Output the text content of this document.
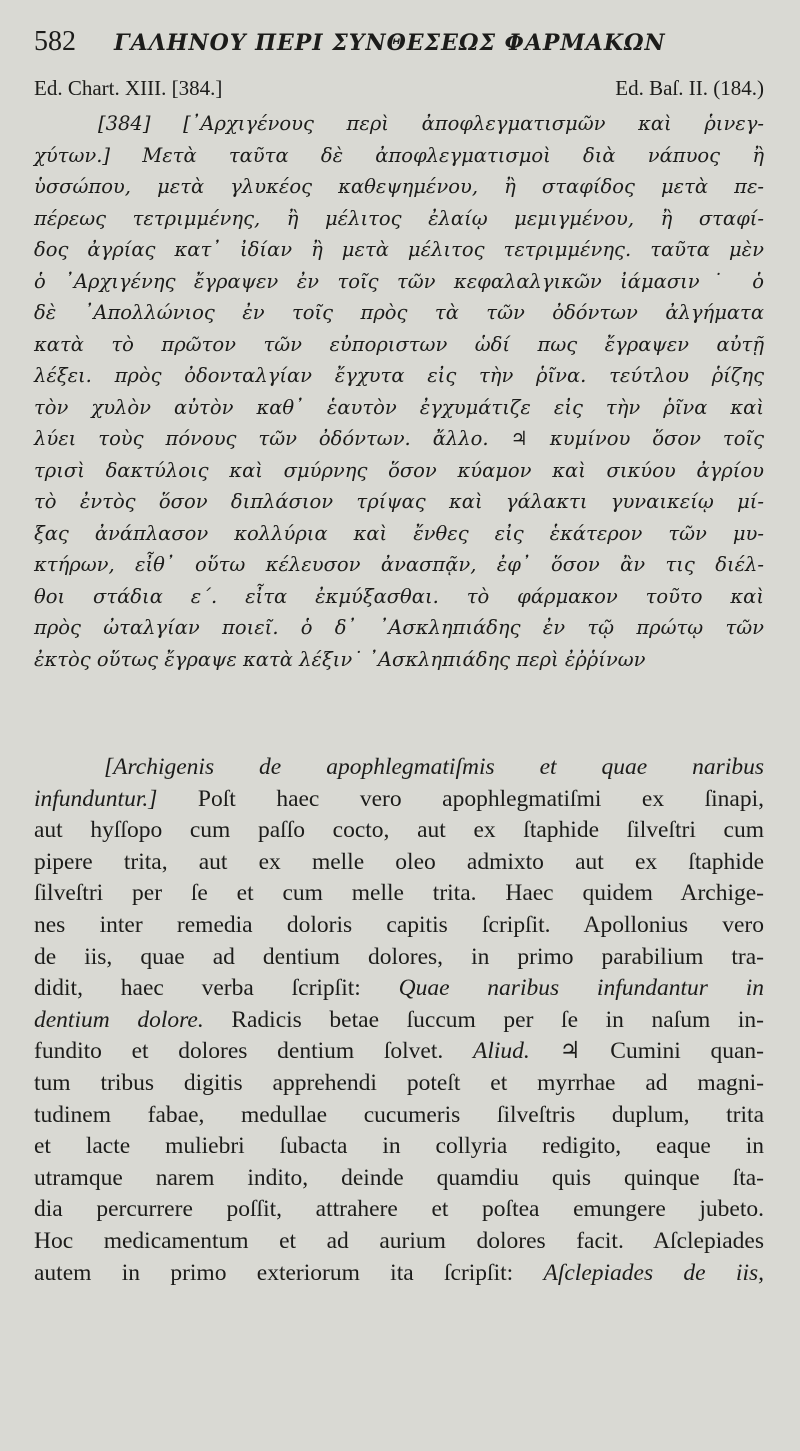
582	ΓΑΛΗΝΟΥ ΠΕΡΙ ΣΥΝΘΕΣΕΩΣ ΦΑΡΜΑΚΩΝ
Ed. Chart. XIII. [384.]	Ed. Baſ. II. (184.)
[384] [᾿Αρχιγένους περὶ ἀποφλεγματισμῶν καὶ ῥινεγ-
χύτων.] Μετὰ ταῦτα δὲ ἀποφλεγματισμοὶ διὰ νάπυος ἢ
ὑσσώπου, μετὰ γλυκέος καθεψημένου, ἢ σταφίδος μετὰ πε-
πέρεως τετριμμένης, ἢ μέλιτος ἐλαίῳ μεμιγμένου, ἢ σταφί-
δος ἀγρίας κατ᾿ ἰδίαν ἢ μετὰ μέλιτος τετριμμένης. ταῦτα μὲν
ὁ ᾿Αρχιγένης ἔγραψεν ἐν τοῖς τῶν κεφαλαλγικῶν ἰάμασιν˙ ὁ
δὲ ᾿Απολλώνιος ἐν τοῖς πρὸς τὰ τῶν ὀδόντων ἀλγήματα
κατὰ τὸ πρῶτον τῶν εὐποριστων ὡδί πως ἔγραψεν αὐτῇ
λέξει. πρὸς ὀδονταλγίαν ἔγχυτα εἰς τὴν ῥῖνα. τεύτλου ῥίζης
τὸν χυλὸν αὐτὸν καθ᾿ ἑαυτὸν ἐγχυμάτιζε εἰς τὴν ῥῖνα καὶ
λύει τοὺς πόνους τῶν ὀδόντων. ἄλλο. ♃ κυμίνου ὅσον τοῖς
τρισὶ δακτύλοις καὶ σμύρνης ὅσον κύαμον καὶ σικύου ἀγρίου
τὸ ἐντὸς ὅσον διπλάσιον τρίψας καὶ γάλακτι γυναικείῳ μί-
ξας ἀνάπλασον κολλύρια καὶ ἔνθες εἰς ἑκάτερον τῶν μυ-
κτήρων, εἶθ᾿ οὕτω κέλευσον ἀνασπᾷν, ἐφ᾿ ὅσον ἂν τις διέλ-
θοι στάδια ε΄. εἶτα ἐκμύξασθαι. τὸ φάρμακον τοῦτο καὶ
πρὸς ὠταλγίαν ποιεῖ. ὁ δ᾿ ᾿Ασκληπιάδης ἐν τῷ πρώτῳ τῶν
ἐκτὸς οὕτως ἔγραψε κατὰ λέξιν˙ ᾿Ασκληπιάδης περὶ ἐῤῥίνων
[Archigenis de apophlegmatiſmis et quae naribus
infunduntur.] Poſt haec vero apophlegmatiſmi ex ſinapi,
aut hyſſopo cum paſſo cocto, aut ex ſtaphide ſilveſtri cum
pipere trita, aut ex melle oleo admixto aut ex ſtaphide
ſilveſtri per ſe et cum melle trita. Haec quidem Archige-
nes inter remedia doloris capitis ſcripſit. Apollonius vero
de iis, quae ad dentium dolores, in primo parabilium tra-
didit, haec verba ſcripſit: Quae naribus infundantur in
dentium dolore. Radicis betae ſuccum per ſe in naſum in-
fundito et dolores dentium ſolvet. Aliud. ♃ Cumini quan-
tum tribus digitis apprehendi poteſt et myrrhae ad magni-
tudinem fabae, medullae cucumeris ſilveſtris duplum, trita
et lacte muliebri ſubacta in collyria redigito, eaque in
utramque narem indito, deinde quamdiu quis quinque ſta-
dia percurrere poſſit, attrahere et poſtea emungere jubeto.
Hoc medicamentum et ad aurium dolores facit. Aſclepiades
autem in primo exteriorum ita ſcripſit: Aſclepiades de iis,
